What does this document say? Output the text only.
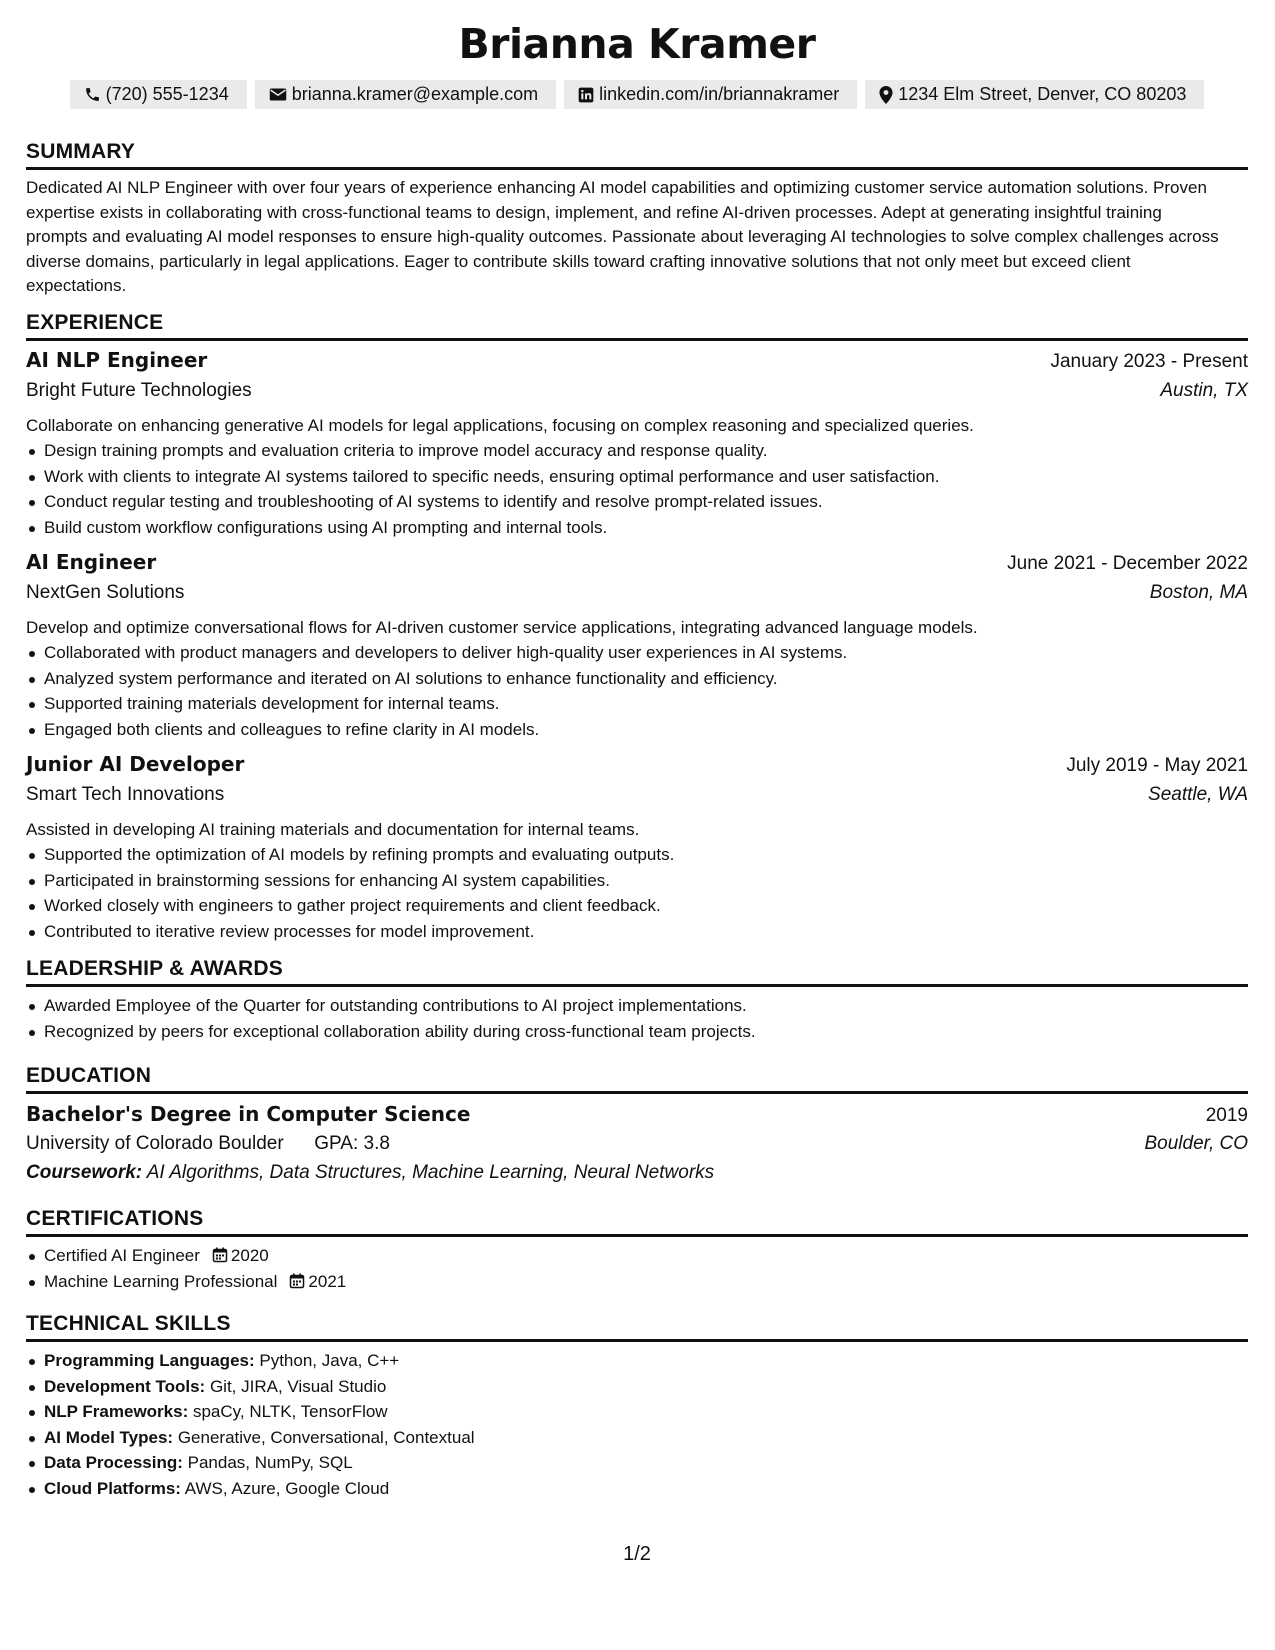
Brianna Kramer
(720) 555-1234	brianna.kramer@example.com	linkedin.com/in/briannakramer	1234 Elm Street, Denver, CO 80203
SUMMARY
Dedicated AI NLP Engineer with over four years of experience enhancing AI model capabilities and optimizing customer service automation solutions. Proven expertise exists in collaborating with cross-functional teams to design, implement, and refine AI-driven processes. Adept at generating insightful training prompts and evaluating AI model responses to ensure high-quality outcomes. Passionate about leveraging AI technologies to solve complex challenges across diverse domains, particularly in legal applications. Eager to contribute skills toward crafting innovative solutions that not only meet but exceed client expectations.
EXPERIENCE
AI NLP Engineer	January 2023 - Present
Bright Future Technologies	Austin, TX
Collaborate on enhancing generative AI models for legal applications, focusing on complex reasoning and specialized queries.
Design training prompts and evaluation criteria to improve model accuracy and response quality.
Work with clients to integrate AI systems tailored to specific needs, ensuring optimal performance and user satisfaction.
Conduct regular testing and troubleshooting of AI systems to identify and resolve prompt-related issues.
Build custom workflow configurations using AI prompting and internal tools.
AI Engineer	June 2021 - December 2022
NextGen Solutions	Boston, MA
Develop and optimize conversational flows for AI-driven customer service applications, integrating advanced language models.
Collaborated with product managers and developers to deliver high-quality user experiences in AI systems.
Analyzed system performance and iterated on AI solutions to enhance functionality and efficiency.
Supported training materials development for internal teams.
Engaged both clients and colleagues to refine clarity in AI models.
Junior AI Developer	July 2019 - May 2021
Smart Tech Innovations	Seattle, WA
Assisted in developing AI training materials and documentation for internal teams.
Supported the optimization of AI models by refining prompts and evaluating outputs.
Participated in brainstorming sessions for enhancing AI system capabilities.
Worked closely with engineers to gather project requirements and client feedback.
Contributed to iterative review processes for model improvement.
LEADERSHIP & AWARDS
Awarded Employee of the Quarter for outstanding contributions to AI project implementations.
Recognized by peers for exceptional collaboration ability during cross-functional team projects.
EDUCATION
Bachelor's Degree in Computer Science	2019
University of Colorado Boulder GPA: 3.8	Boulder, CO
Coursework: AI Algorithms, Data Structures, Machine Learning, Neural Networks
CERTIFICATIONS
Certified AI Engineer 2020
Machine Learning Professional 2021
TECHNICAL SKILLS
Programming Languages: Python, Java, C++
Development Tools: Git, JIRA, Visual Studio
NLP Frameworks: spaCy, NLTK, TensorFlow
AI Model Types: Generative, Conversational, Contextual
Data Processing: Pandas, NumPy, SQL
Cloud Platforms: AWS, Azure, Google Cloud
1/2
